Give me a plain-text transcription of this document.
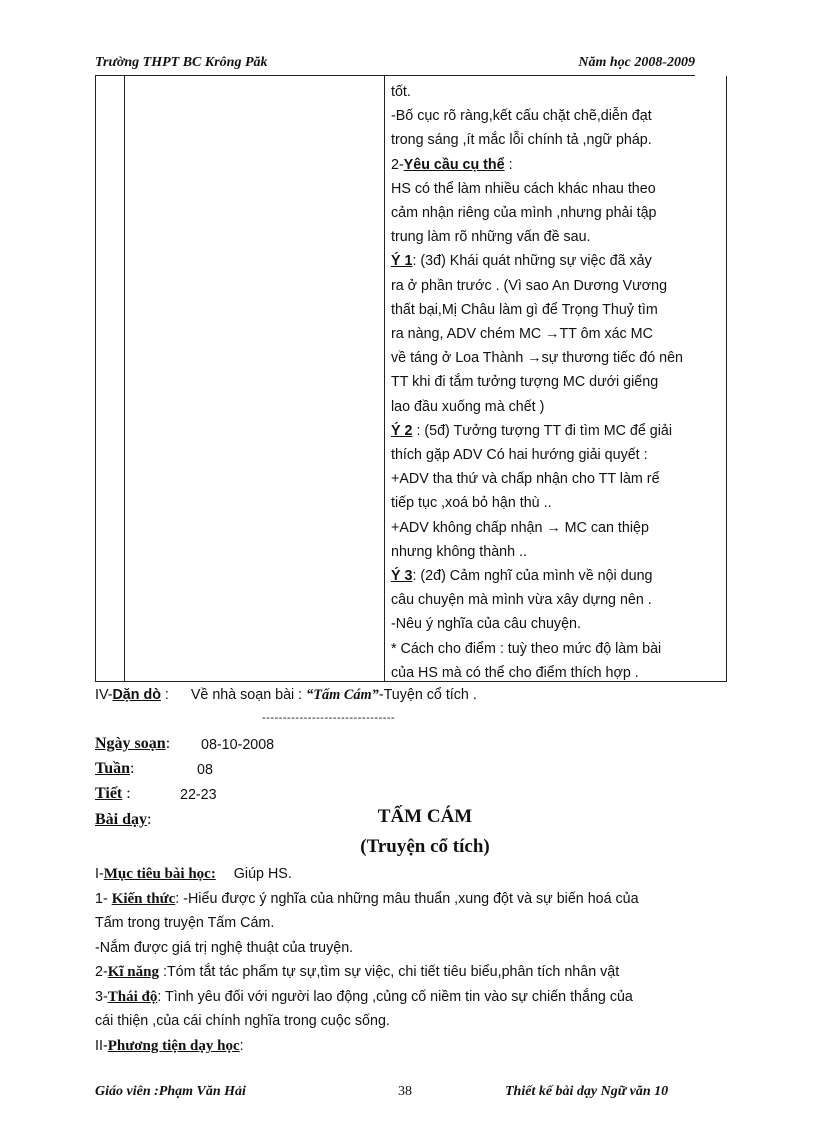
Trường THPT BC Krông Păk	Năm học 2008-2009
tốt.
-Bố cục rõ ràng,kết cấu chặt chẽ,diễn đạt
trong sáng ,ít mắc lỗi chính tả ,ngữ pháp.
2-Yêu cầu cụ thể :
HS có thể làm nhiều cách khác nhau theo
cảm nhận riêng của mình ,nhưng phải tập
trung làm rõ những vấn đề sau.
Ý 1: (3đ) Khái quát những sự việc đã xảy
ra ở phần trước . (Vì sao An Dương Vương
thất bại,Mị Châu làm gì để Trọng Thuỷ tìm
ra nàng, ADV chém MC →TT ôm xác MC
về táng ở Loa Thành →sự thương tiếc đó nên
TT khi đi tắm tưởng tượng MC dưới giếng
lao đầu xuống mà chết )
Ý 2 : (5đ) Tưởng tượng TT đi tìm MC để giải
thích gặp ADV Có hai hướng giải quyết :
+ADV tha thứ và chấp nhận cho TT làm rể
tiếp tục ,xoá bỏ hận thù ..
+ADV không chấp nhận → MC can thiệp
nhưng không thành ..
Ý 3: (2đ) Cảm nghĩ của mình về nội dung
câu chuyện mà mình vừa xây dựng nên .
-Nêu ý nghĩa của câu chuyện.
* Cách cho điểm : tuỳ theo mức độ làm bài
của HS mà có thể cho điểm thích hợp .
IV-Dặn dò : Về nhà soạn bài : “Tấm Cám”-Tuyện cổ tích .
--------------------------------
Ngày soạn: 08-10-2008
Tuần:	08
Tiết :	22-23
Bài dạy:	TẤM CÁM
(Truyện cổ tích)
I-Mục tiêu bài học: Giúp HS.
1- Kiến thức: -Hiểu được ý nghĩa của những mâu thuẩn ,xung đột và sự biến hoá của
Tấm trong truyện Tấm Cám.
-Nắm được giá trị nghệ thuật của truyện.
2-Kĩ năng :Tóm tắt tác phẩm tự sự,tìm sự việc, chi tiết tiêu biểu,phân tích nhân vật
3-Thái độ: Tình yêu đối với người lao động ,củng cố niềm tin vào sự chiến thắng của
cái thiện ,của cái chính nghĩa trong cuộc sống.
II-Phương tiện dạy học:
Giáo viên :Phạm Văn Hải	38	Thiết kế bài dạy Ngữ văn 10
